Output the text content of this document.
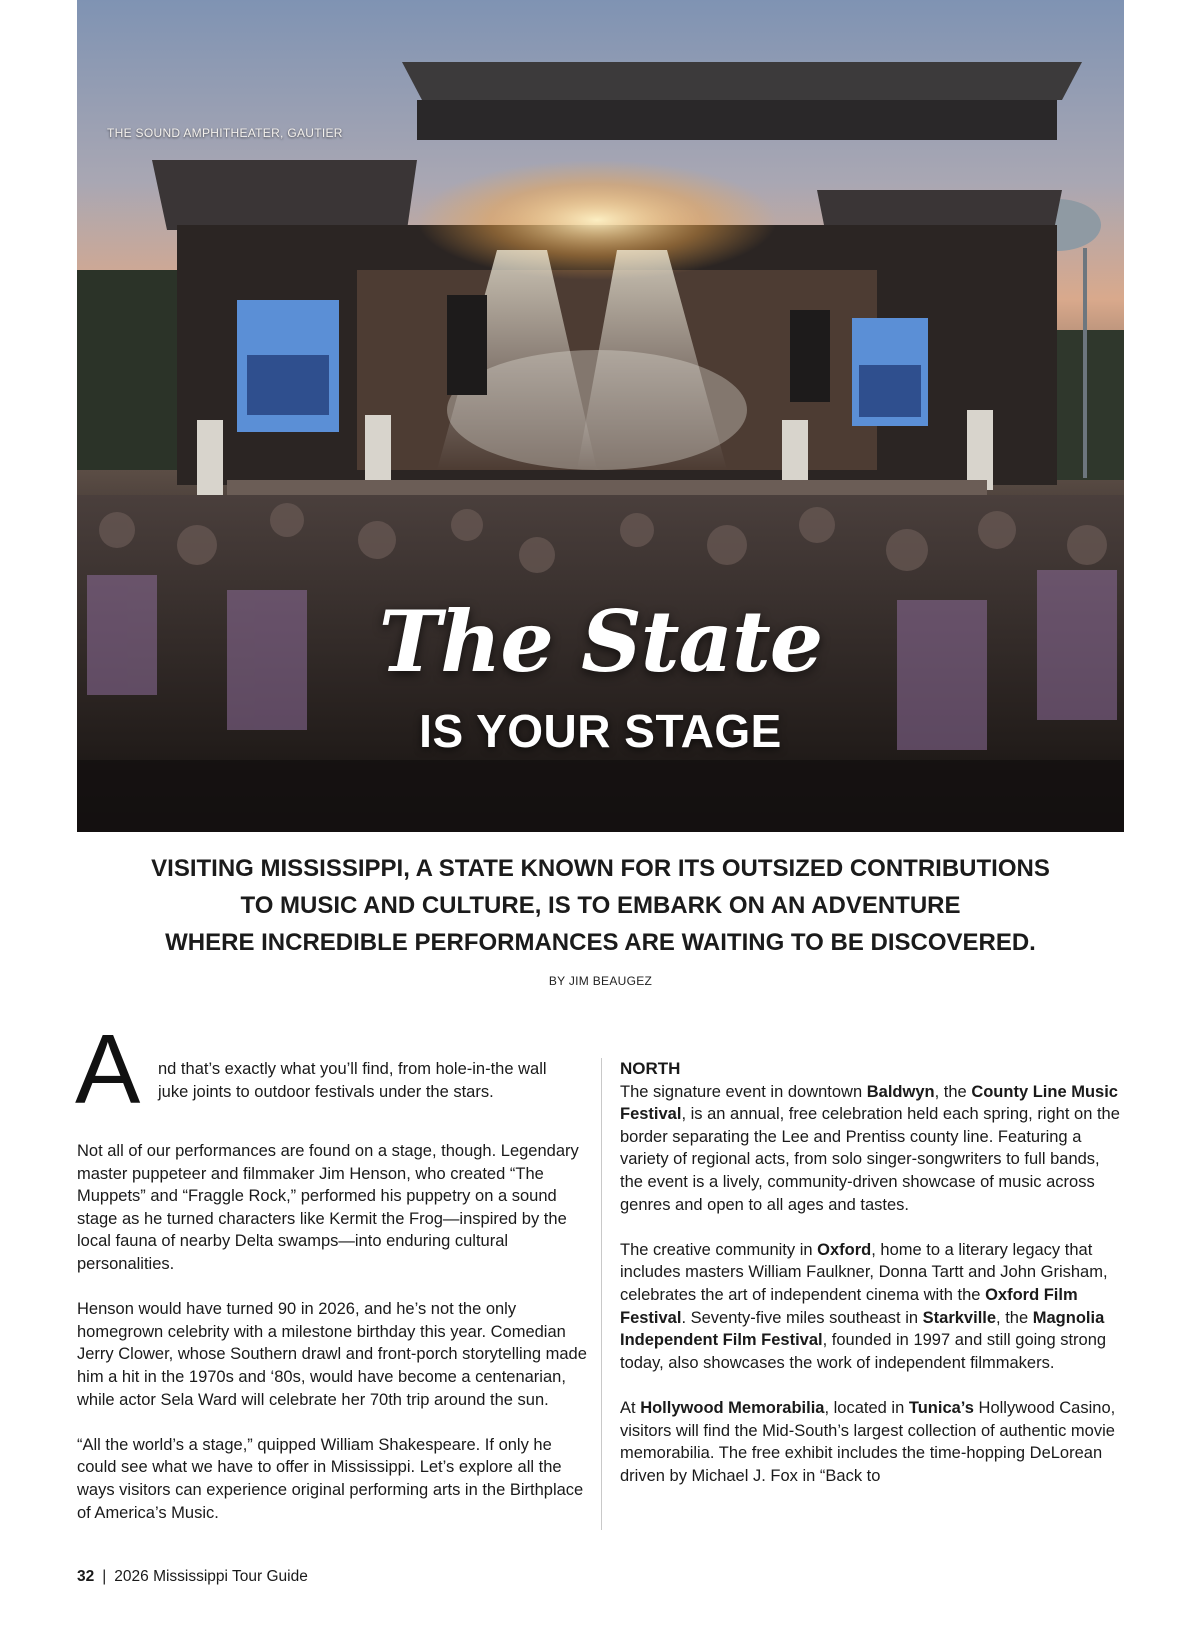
THE SOUND AMPHITHEATER, GAUTIER
The State
IS YOUR STAGE
VISITING MISSISSIPPI, A STATE KNOWN FOR ITS OUTSIZED CONTRIBUTIONS
TO MUSIC AND CULTURE, IS TO EMBARK ON AN ADVENTURE
WHERE INCREDIBLE PERFORMANCES ARE WAITING TO BE DISCOVERED.
BY JIM BEAUGEZ
A nd that’s exactly what you’ll find, from hole-in-the wall
juke joints to outdoor festivals under the stars.

Not all of our performances are found on a stage, though. Legendary master puppeteer and filmmaker Jim Henson, who created “The Muppets” and “Fraggle Rock,” performed his puppetry on a sound stage as he turned characters like Kermit the Frog—inspired by the local fauna of nearby Delta swamps—into enduring cultural personalities.

Henson would have turned 90 in 2026, and he’s not the only homegrown celebrity with a milestone birthday this year. Comedian Jerry Clower, whose Southern drawl and front-porch storytelling made him a hit in the 1970s and ‘80s, would have become a centenarian, while actor Sela Ward will celebrate her 70th trip around the sun.

“All the world’s a stage,” quipped William Shakespeare. If only he could see what we have to offer in Mississippi. Let’s explore all the ways visitors can experience original performing arts in the Birthplace of America’s Music.

NORTH

The signature event in downtown Baldwyn, the County Line Music Festival, is an annual, free celebration held each spring, right on the border separating the Lee and Prentiss county line. Featuring a variety of regional acts, from solo singer-songwriters to full bands, the event is a lively, community-driven showcase of music across genres and open to all ages and tastes.

The creative community in Oxford, home to a literary legacy that includes masters William Faulkner, Donna Tartt and John Grisham, celebrates the art of independent cinema with the Oxford Film Festival. Seventy-five miles southeast in Starkville, the Magnolia Independent Film Festival, founded in 1997 and still going strong today, also showcases the work of independent filmmakers.

At Hollywood Memorabilia, located in Tunica’s Hollywood Casino, visitors will find the Mid-South’s largest collection of authentic movie memorabilia. The free exhibit includes the time-hopping DeLorean driven by Michael J. Fox in “Back to

32 | 2026 Mississippi Tour Guide
